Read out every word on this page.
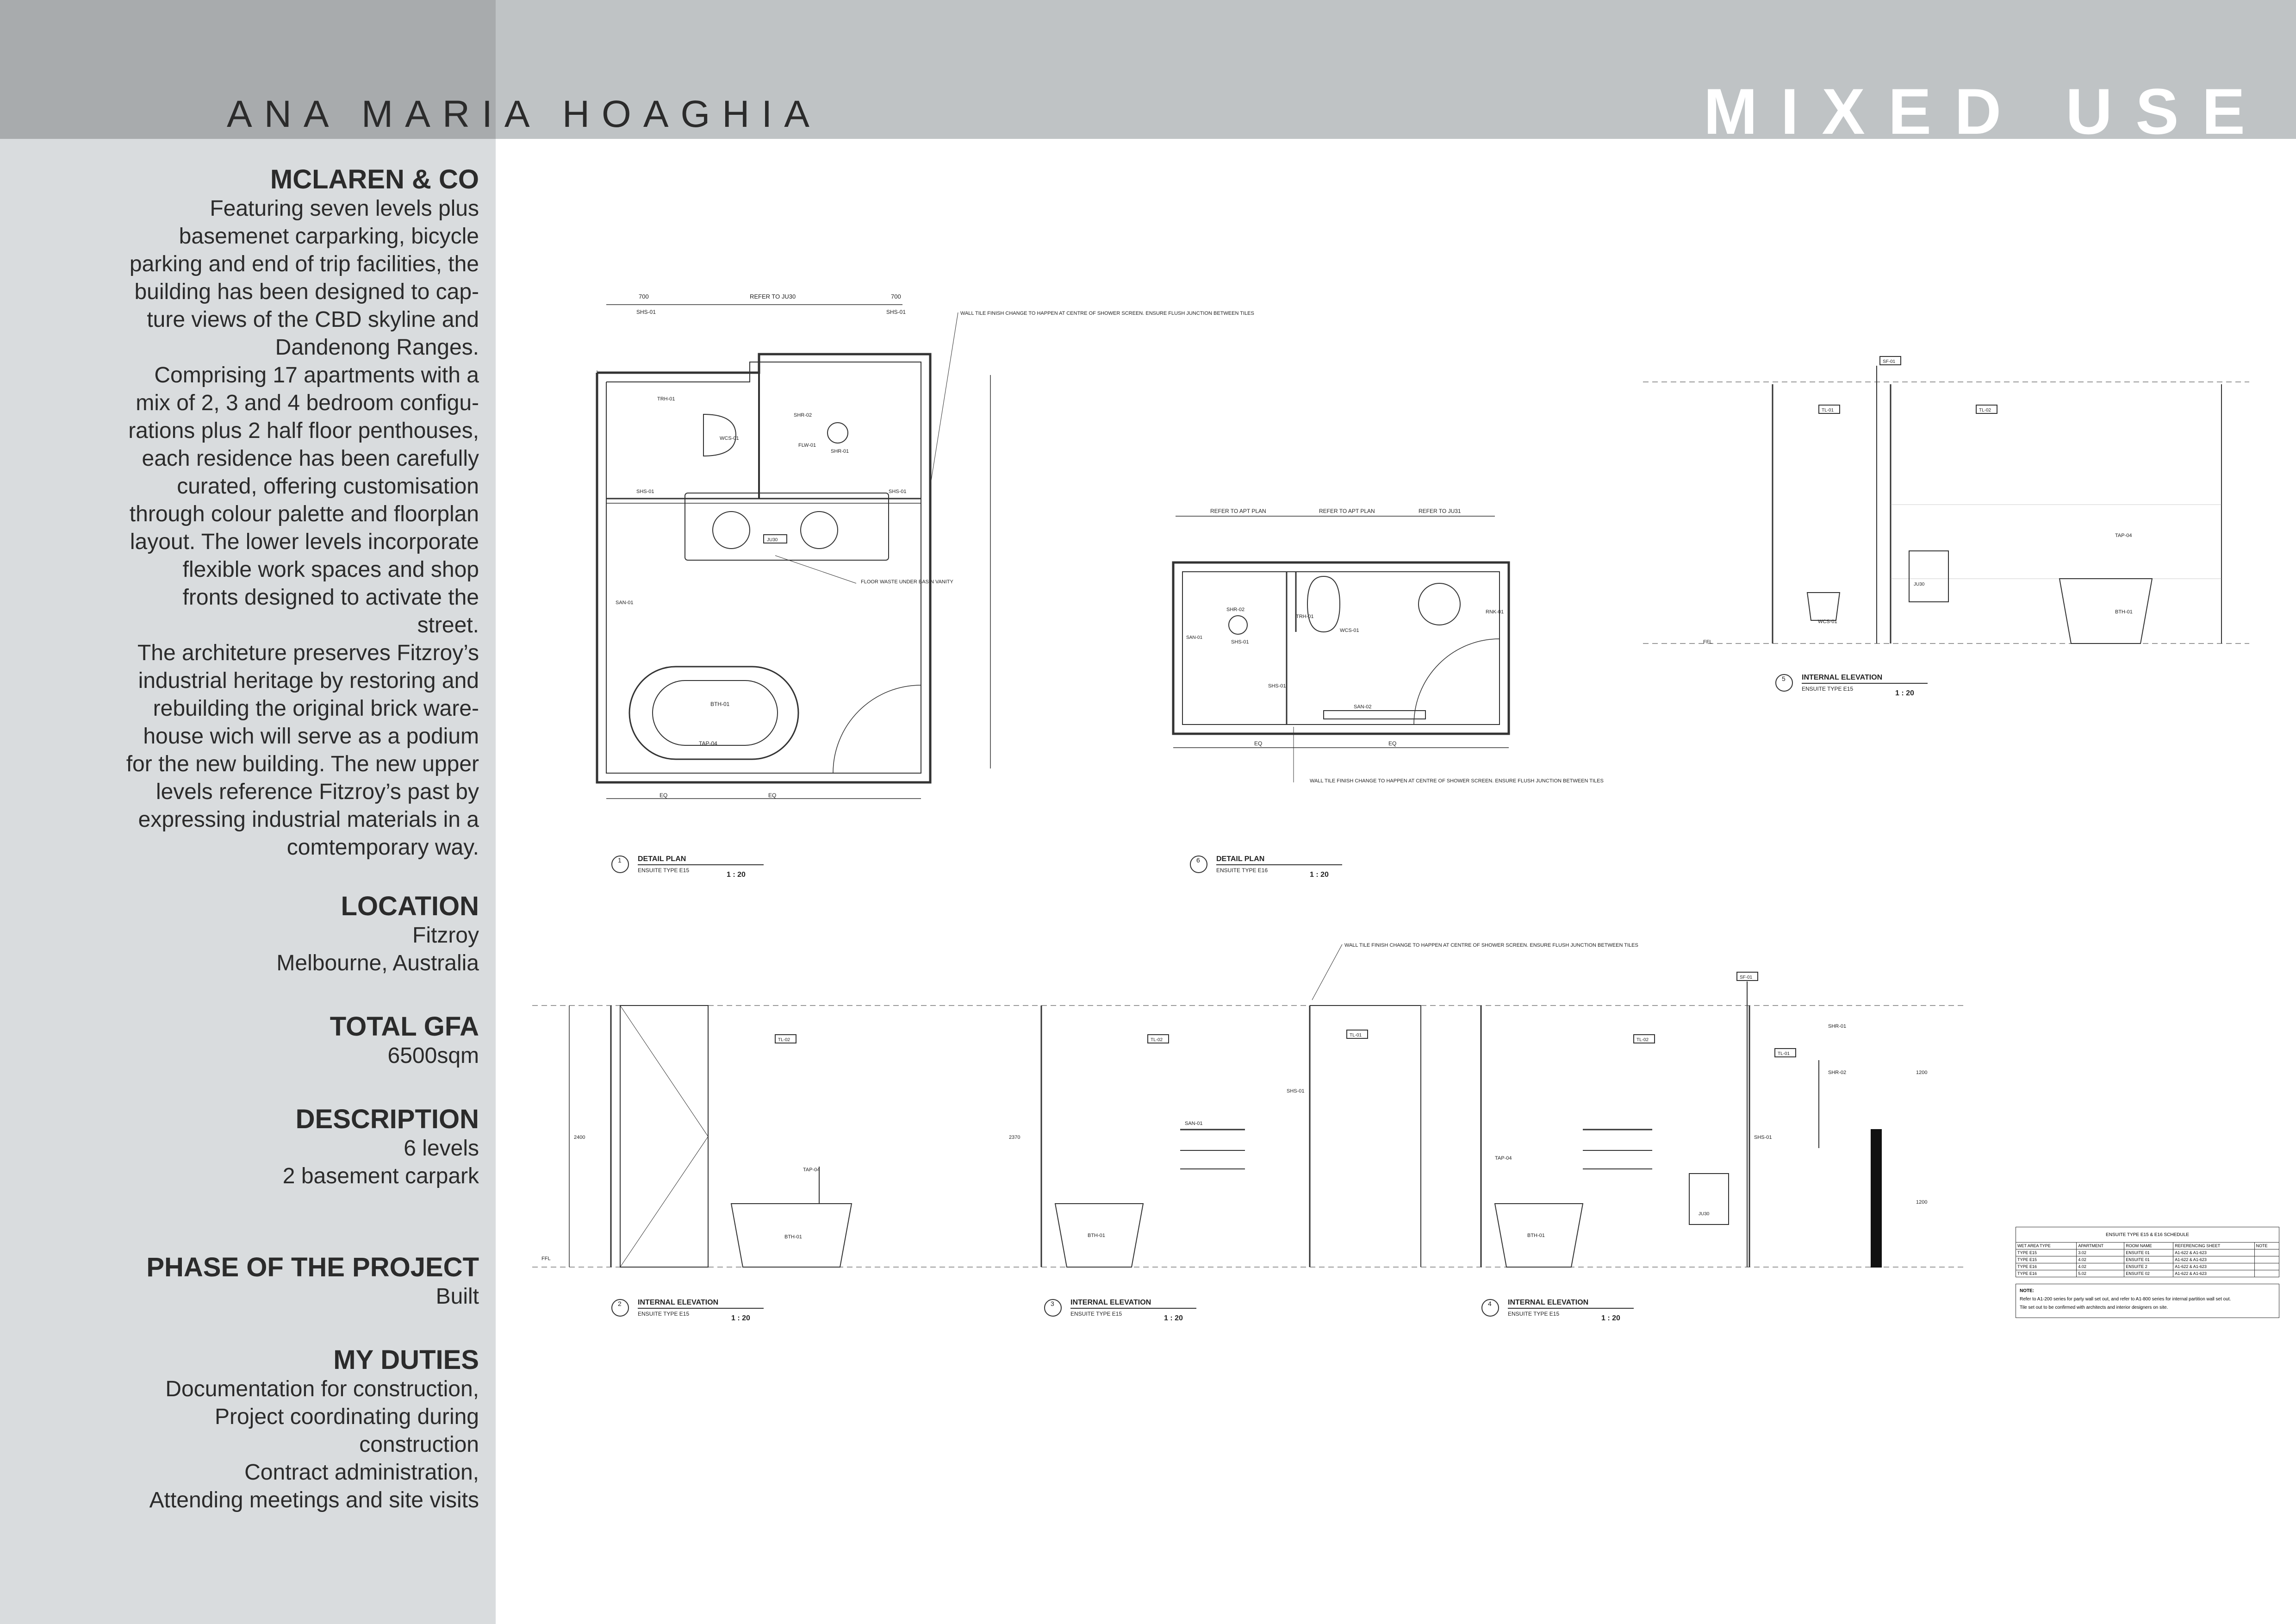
ANA MARIA HOAGHIA	MIXED USE

MCLAREN & CO

Featuring seven levels plus
basemenet carparking, bicycle
parking and end of trip facilities, the
building has been designed to cap-
ture views of the CBD skyline and
Dandenong Ranges.
Comprising 17 apartments with a
mix of 2, 3 and 4 bedroom configu-
rations plus 2 half floor penthouses,
each residence has been carefully
curated, offering customisation
through colour palette and floorplan
layout. The lower levels incorporate
flexible work spaces and shop
fronts designed to activate the
street.
The architeture preserves Fitzroy’s
industrial heritage by restoring and
rebuilding the original brick ware-
house wich will serve as a podium
for the new building. The new upper
levels reference Fitzroy’s past by
expressing industrial materials in a
comtemporary way.

LOCATION

Fitzroy
Melbourne, Australia

TOTAL GFA

6500sqm

DESCRIPTION

6 levels
2 basement carpark

PHASE OF THE PROJECT

Built

MY DUTIES

Documentation for construction,
Project coordinating during
construction
Contract administration,
Attending meetings and site visits
700	REFER TO JU30	700
SHS-01	SHS-01
WCS-01
TRH-01
SHR-02
FLW-01
SHR-01
JU30
SHS-01
SHS-01
SAN-01
BTH-01
TAP-04
FLOOR WASTE UNDER BASIN VANITY
EQ	EQ
1 DETAIL PLAN
ENSUITE TYPE E15
1 : 20
WALL TILE FINISH CHANGE TO HAPPEN AT CENTRE OF SHOWER SCREEN. ENSURE FLUSH JUNCTION BETWEEN TILES
REFER TO APT PLAN	REFER TO APT PLAN	REFER TO JU31
WCS-01
TRH-01
RNK-01
SHR-02
SHS-01
SHS-01
SAN-01
SAN-02
EQ	EQ
WALL TILE FINISH CHANGE TO HAPPEN AT CENTRE OF SHOWER SCREEN. ENSURE FLUSH JUNCTION BETWEEN TILES
6 DETAIL PLAN
ENSUITE TYPE E16
1 : 20
TL-01	TL-02
SF-01
WCS-01
JU30
BTH-01
TAP-04
FFL
5 INTERNAL ELEVATION
ENSUITE TYPE E15
1 : 20
2400
BTH-01
TAP-04
TL-02
FFL
2 INTERNAL ELEVATION
ENSUITE TYPE E15
1 : 20
2370
SAN-01
BTH-01
TL-02
TL-01
SHS-01
3 INTERNAL ELEVATION
ENSUITE TYPE E15
1 : 20
SF-01
BTH-01
TAP-04
JU30
TL-02
TL-01
SHR-02
SHS-01
SHR-01
1200
1200
4 INTERNAL ELEVATION
ENSUITE TYPE E15
1 : 20
WALL TILE FINISH CHANGE TO HAPPEN AT CENTRE OF SHOWER SCREEN. ENSURE FLUSH JUNCTION BETWEEN TILES
ENSUITE TYPE E15 & E16 SCHEDULE				
WET AREA TYPE	APARTMENT	ROOM NAME	REFERENCING SHEET	NOTE
TYPE E15	3.02	ENSUITE 01	A1-622 & A1-623	
TYPE E15	4.02	ENSUITE 01	A1-622 & A1-623	
TYPE E16	4.02	ENSUITE 2	A1-622 & A1-623	
TYPE E16	5.02	ENSUITE 02	A1-622 & A1-623	
NOTE:
Refer to A1-200 series for party wall set out, and refer to A1-800 series for internal partition wall set out.
Tile set out to be confirmed with architects and interior designers on site.
